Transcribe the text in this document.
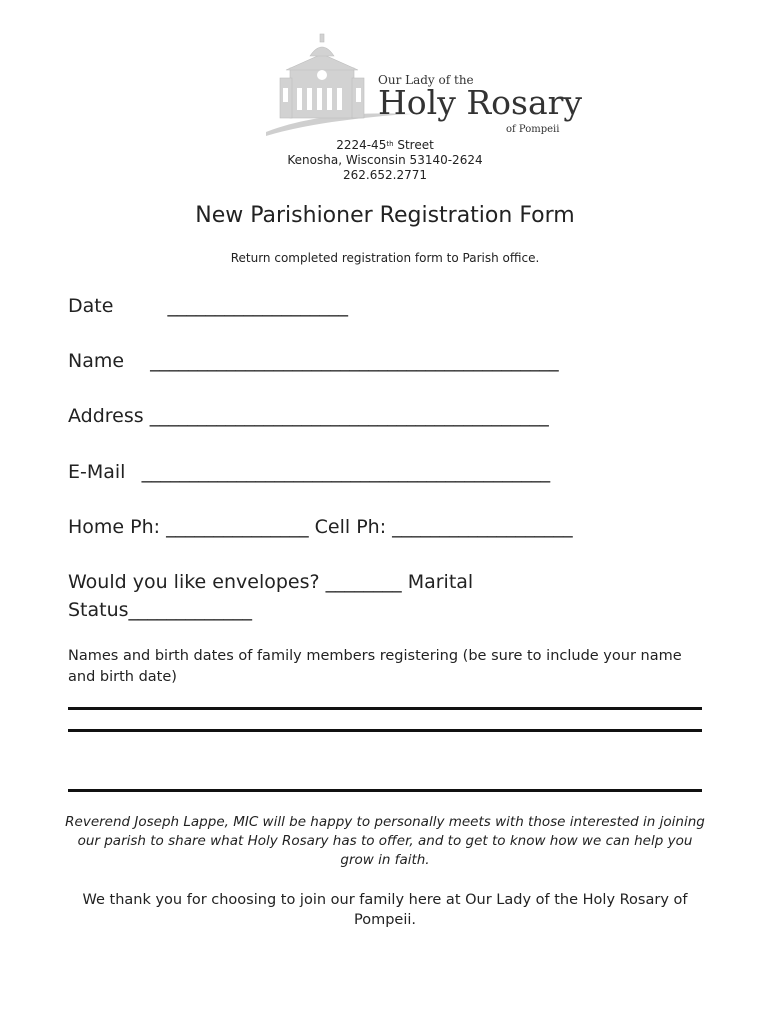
Our Lady of the
Holy Rosary
of Pompeii
2224-45th Street
Kenosha, Wisconsin 53140-2624
262.652.2771
New Parishioner Registration Form
Return completed registration form to Parish office.
Date	___________________
Name ___________________________________________
Address __________________________________________
E-Mail ___________________________________________
Home Ph: _______________ Cell Ph: ___________________
Would you like envelopes? ________ Marital
Status_____________
Names and birth dates of family members registering (be sure to include your name and birth date)
Reverend Joseph Lappe, MIC will be happy to personally meets with those interested in joining our parish to share what Holy Rosary has to offer, and to get to know how we can help you grow in faith.
We thank you for choosing to join our family here at Our Lady of the Holy Rosary of Pompeii.
